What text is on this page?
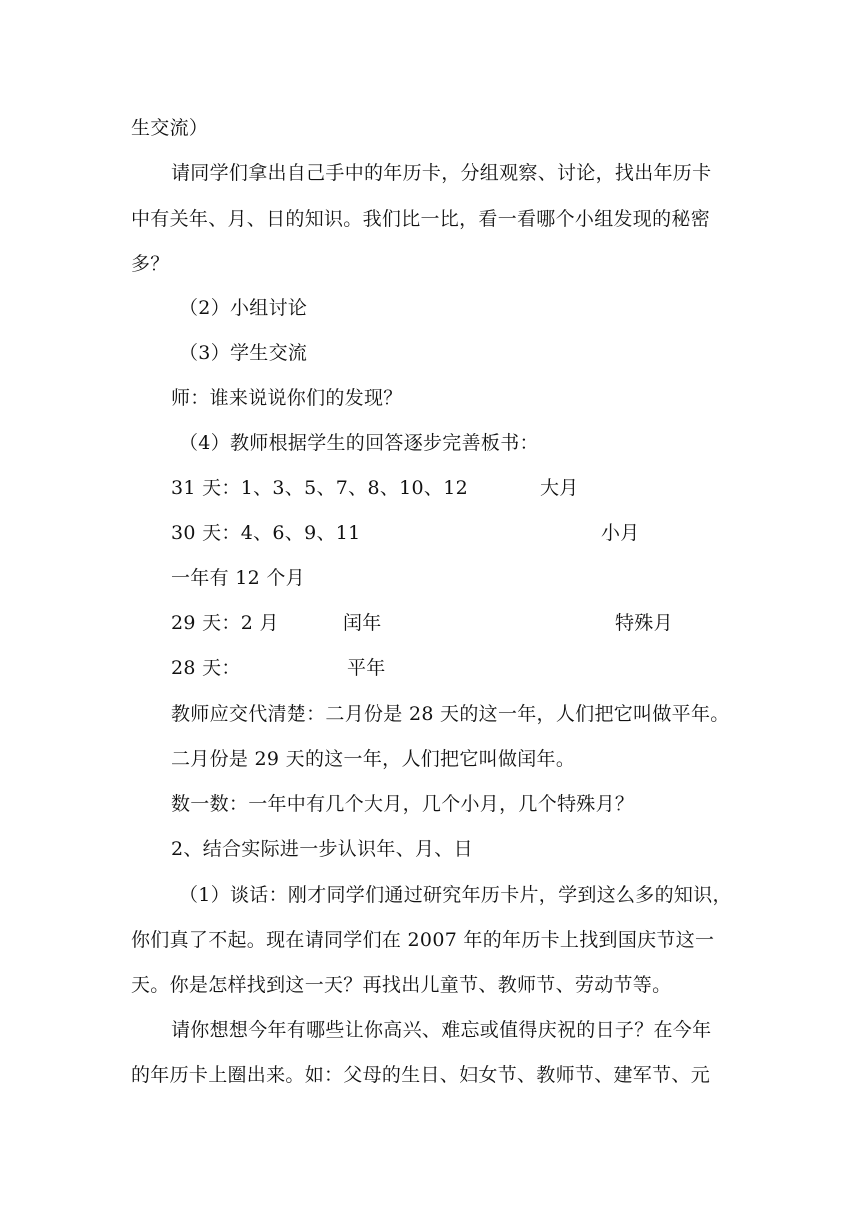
生交流）
请同学们拿出自己手中的年历卡，分组观察、讨论，找出年历卡
中有关年、月、日的知识。我们比一比，看一看哪个小组发现的秘密
多？
（2）小组讨论
（3）学生交流
师：谁来说说你们的发现？
（4）教师根据学生的回答逐步完善板书：
31 天：1、3、5、7、8、10、12	大月
30 天：4、6、9、11	小月
一年有 12 个月
29 天：2 月	闰年	特殊月
28 天：	平年
教师应交代清楚：二月份是 28 天的这一年，人们把它叫做平年。
二月份是 29 天的这一年，人们把它叫做闰年。
数一数：一年中有几个大月，几个小月，几个特殊月？
2、结合实际进一步认识年、月、日
（1）谈话：刚才同学们通过研究年历卡片，学到这么多的知识，
你们真了不起。现在请同学们在 2007 年的年历卡上找到国庆节这一
天。你是怎样找到这一天？再找出儿童节、教师节、劳动节等。
请你想想今年有哪些让你高兴、难忘或值得庆祝的日子？在今年
的年历卡上圈出来。如：父母的生日、妇女节、教师节、建军节、元
